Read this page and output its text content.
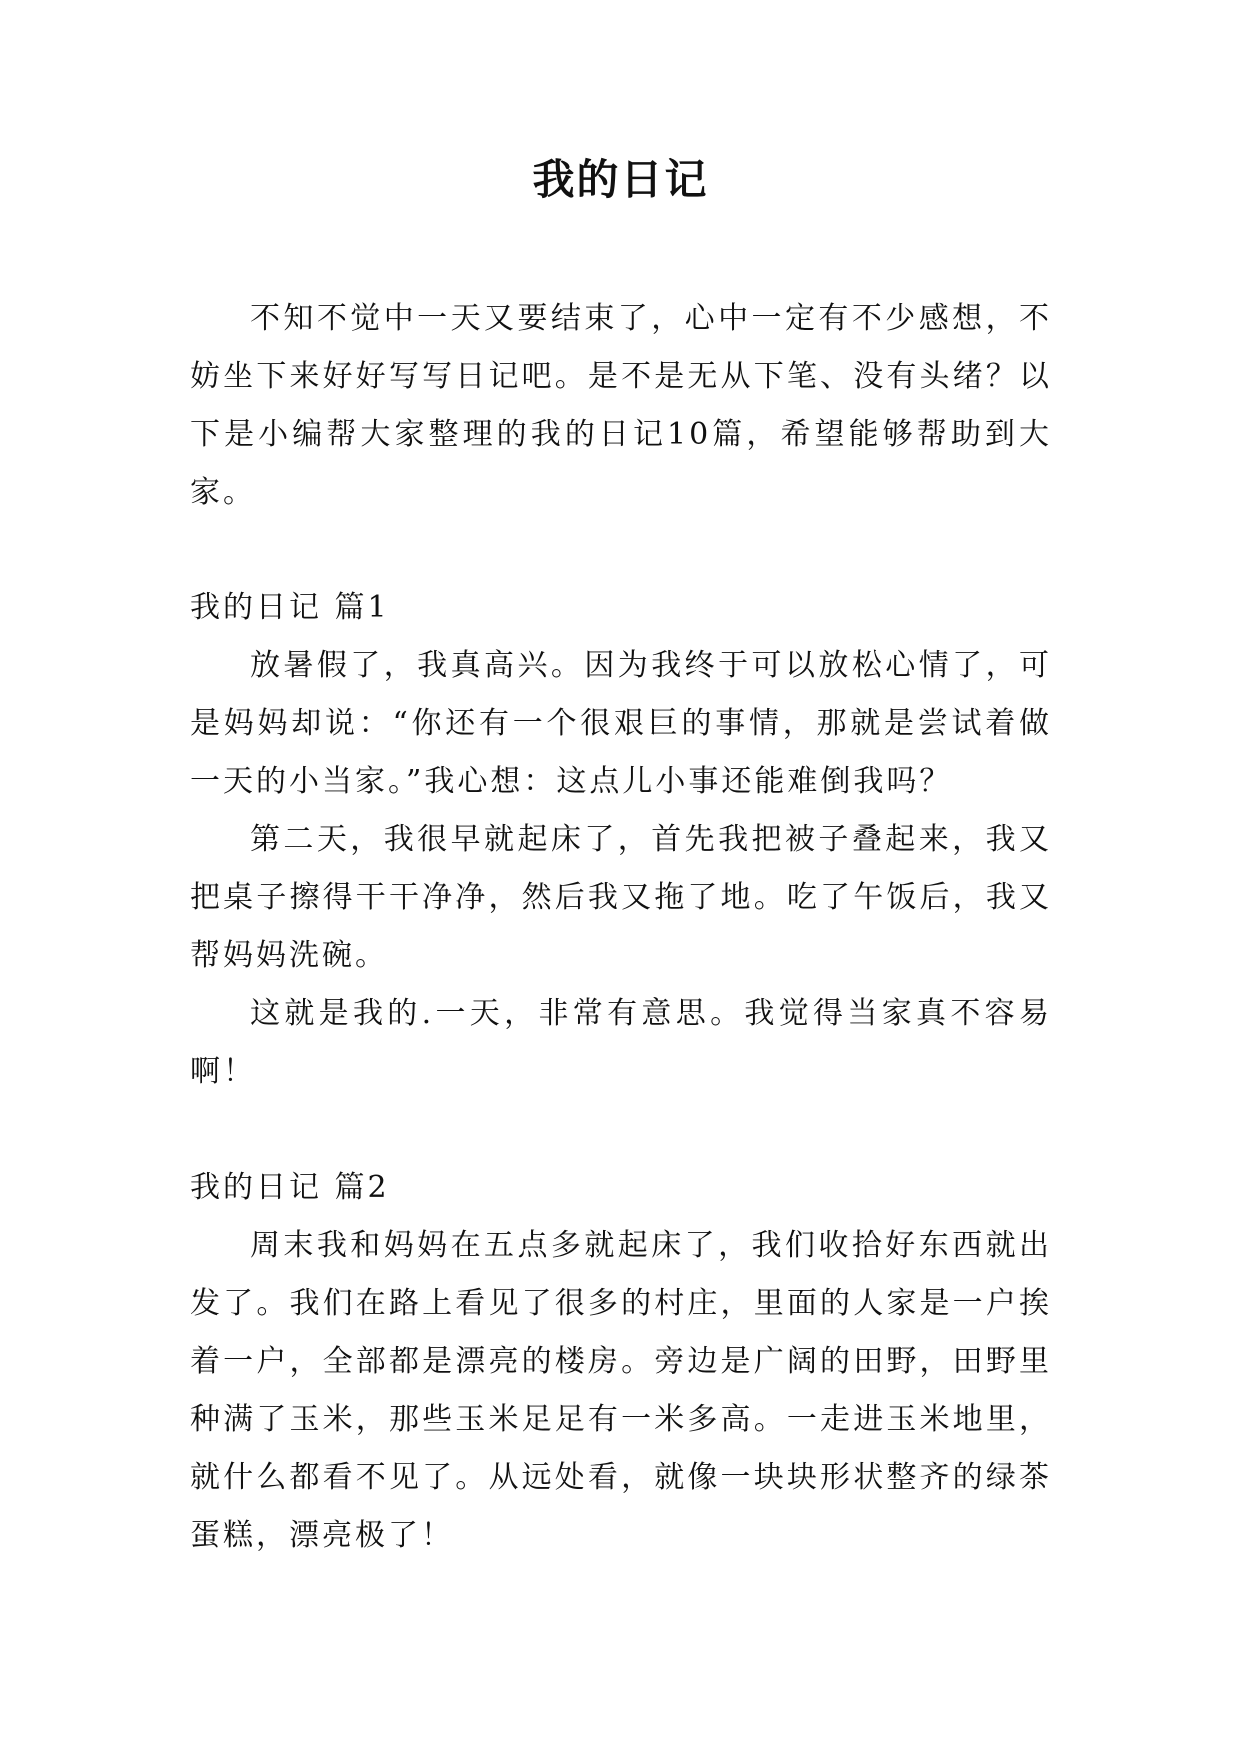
我的日记

不知不觉中一天又要结束了，心中一定有不少感想，不妨坐下来好好写写日记吧。是不是无从下笔、没有头绪？以下是小编帮大家整理的我的日记10篇，希望能够帮助到大家。

我的日记 篇1

放暑假了，我真高兴。因为我终于可以放松心情了，可是妈妈却说：“你还有一个很艰巨的事情，那就是尝试着做一天的小当家。”我心想：这点儿小事还能难倒我吗？

第二天，我很早就起床了，首先我把被子叠起来，我又把桌子擦得干干净净，然后我又拖了地。吃了午饭后，我又帮妈妈洗碗。

这就是我的.一天，非常有意思。我觉得当家真不容易啊！

我的日记 篇2

周末我和妈妈在五点多就起床了，我们收拾好东西就出发了。我们在路上看见了很多的村庄，里面的人家是一户挨着一户，全部都是漂亮的楼房。旁边是广阔的田野，田野里种满了玉米，那些玉米足足有一米多高。一走进玉米地里，就什么都看不见了。从远处看，就像一块块形状整齐的绿茶蛋糕，漂亮极了！
